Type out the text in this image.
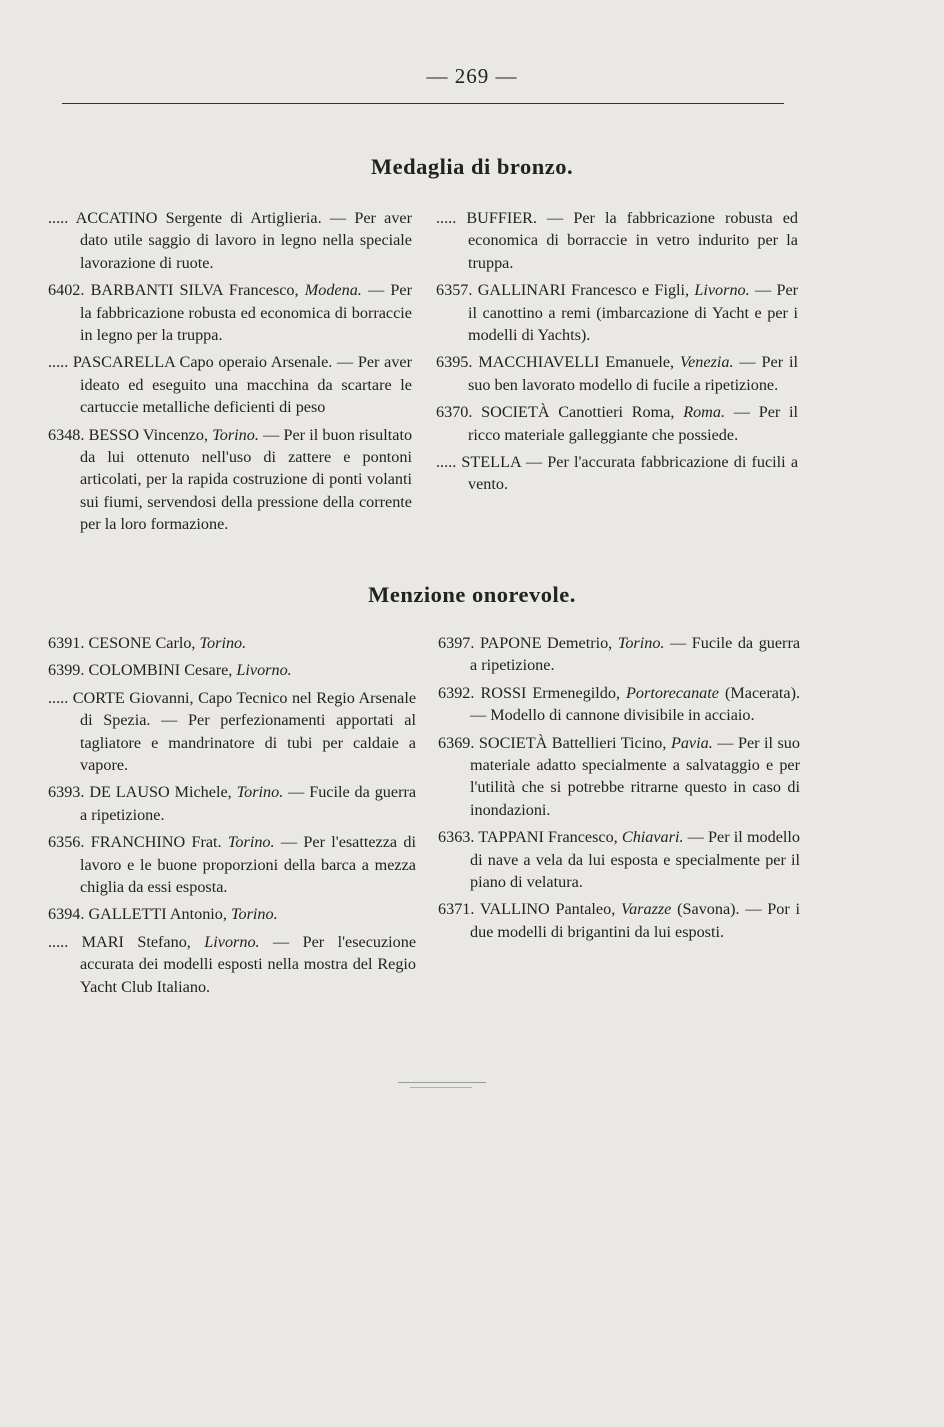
— 269 —
Medaglia di bronzo.

..... ACCATINO Sergente di Artiglieria. — Per aver dato utile saggio di lavoro in legno nella speciale lavorazione di ruote.

6402. BARBANTI SILVA Francesco, Modena. — Per la fabbricazione robusta ed economica di borraccie in legno per la truppa.

..... PASCARELLA Capo operaio Arsenale. — Per aver ideato ed eseguito una macchina da scartare le cartuccie metalliche deficienti di peso

6348. BESSO Vincenzo, Torino. — Per il buon risultato da lui ottenuto nell'uso di zattere e pontoni articolati, per la rapida costruzione di ponti volanti sui fiumi, servendosi della pressione della corrente per la loro formazione.

..... BUFFIER. — Per la fabbricazione robusta ed economica di borraccie in vetro indurito per la truppa.

6357. GALLINARI Francesco e Figli, Livorno. — Per il canottino a remi (imbarcazione di Yacht e per i modelli di Yachts).

6395. MACCHIAVELLI Emanuele, Venezia. — Per il suo ben lavorato modello di fucile a ripetizione.

6370. SOCIETÀ Canottieri Roma, Roma. — Per il ricco materiale galleggiante che possiede.

..... STELLA — Per l'accurata fabbricazione di fucili a vento.

Menzione onorevole.

6391. CESONE Carlo, Torino.

6399. COLOMBINI Cesare, Livorno.

..... CORTE Giovanni, Capo Tecnico nel Regio Arsenale di Spezia. — Per perfezionamenti apportati al tagliatore e mandrinatore di tubi per caldaie a vapore.

6393. DE LAUSO Michele, Torino. — Fucile da guerra a ripetizione.

6356. FRANCHINO Frat. Torino. — Per l'esattezza di lavoro e le buone proporzioni della barca a mezza chiglia da essi esposta.

6394. GALLETTI Antonio, Torino.

..... MARI Stefano, Livorno. — Per l'esecuzione accurata dei modelli esposti nella mostra del Regio Yacht Club Italiano.

6397. PAPONE Demetrio, Torino. — Fucile da guerra a ripetizione.

6392. ROSSI Ermenegildo, Portorecanate (Macerata). — Modello di cannone divisibile in acciaio.

6369. SOCIETÀ Battellieri Ticino, Pavia. — Per il suo materiale adatto specialmente a salvataggio e per l'utilità che si potrebbe ritrarne questo in caso di inondazioni.

6363. TAPPANI Francesco, Chiavari. — Per il modello di nave a vela da lui esposta e specialmente per il piano di velatura.

6371. VALLINO Pantaleo, Varazze (Savona). — Por i due modelli di brigantini da lui esposti.
